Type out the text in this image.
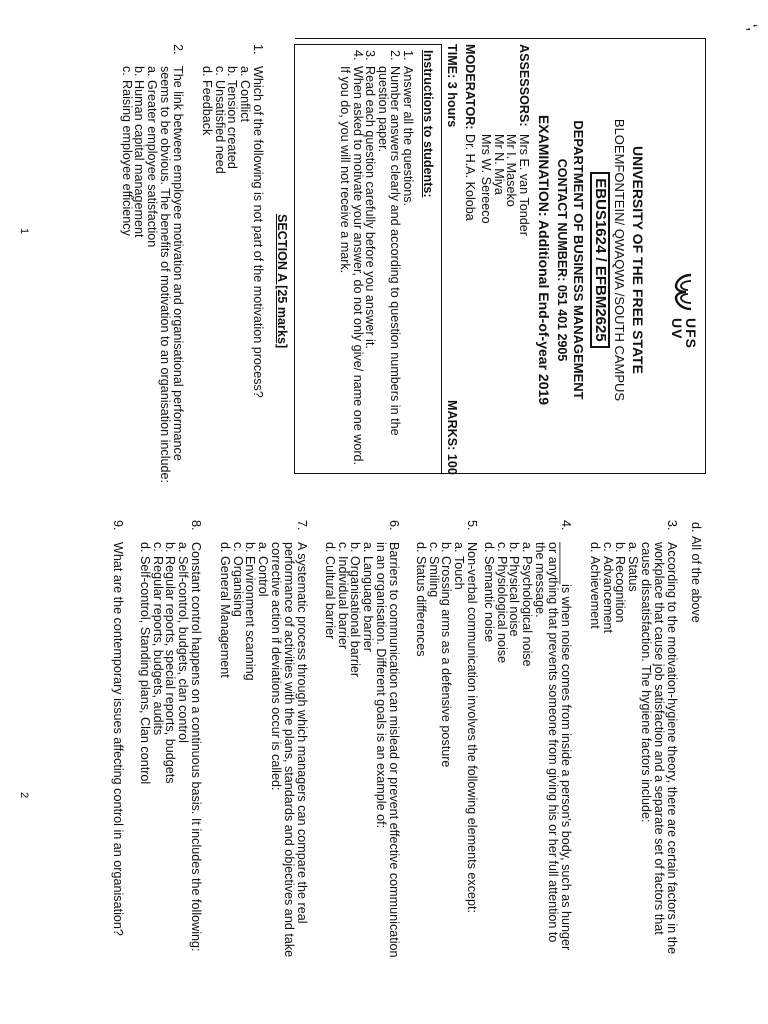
UFS
UV
UNIVERSITY OF THE FREE STATE
BLOEMFONTEIN/ QWAQWA /SOUTH CAMPUS
EBUS1624 / EFBM2625
DEPARTMENT OF BUSINESS MANAGEMENT
CONTACT NUMBER: 051 401 2905
EXAMINATION: Additional End-of-year 2019
ASSESSORS:
Mrs E. van Tonder
Mr I. Maseko
Mr N. Miya
Mrs W. Sereeco
MODERATOR:
Dr. H.A. Koloba
TIME: 3 hours
MARKS: 100
Instructions to students:
1.
Answer all the questions.
2.
Number answers clearly and according to question numbers in the question paper.
3.
Read each question carefully before you answer it.
4.
When asked to motivate your answer, do not only give/ name one word. If you do, you will not receive a mark.
SECTION A [25 marks]
1.
Which of the following is not part of the motivation process?
a.
Conflict
b.
Tension created
c.
Unsatisfied need
d.
Feedback
2.
The link between employee motivation and organisational performance seems to be obvious. The benefits of motivation to an organisation include:
a.
Greater employee satisfaction
b.
Human capital management
c.
Raising employee efficiency
1
d.
All of the above
3.
According to the motivation-hygiene theory, there are certain factors in the workplace that cause job satisfaction and a separate set of factors that cause dissatisfaction. The hygiene factors include:
a.
Status
b.
Recognition
c.
Advancement
d.
Achievement
4.
______is when noise comes from inside a person's body, such as hunger or anything that prevents someone from giving his or her full attention to the message.
a.
Psychological noise
b.
Physical noise
c.
Physiological noise
d.
Semantic noise
5.
Non-verbal communication involves the following elements except:
a.
Touch
b.
Crossing arms as a defensive posture
c.
Smiling
d.
Status differences
6.
Barriers to communication can mislead or prevent effective communication in an organisation. Different goals is an example of:
a.
Language barrier
b.
Organisational barrier
c.
Individual barrier
d.
Cultural barrier
7.
A systematic process through which managers can compare the real performance of activities with the plans, standards and objectives and take corrective action if deviations occur is called:
a.
Control
b.
Environment scanning
c.
Organising
d.
General Management
8.
Constant control happens on a continuous basis. It includes the following:
a.
Self-control, budgets, clan control
b.
Regular reports, special reports, budgets
c.
Regular reports, budgets, audits
d.
Self-control, Standing plans, Clan control
9.
What are the contemporary issues affecting control in an organisation?
2
ʻ,
